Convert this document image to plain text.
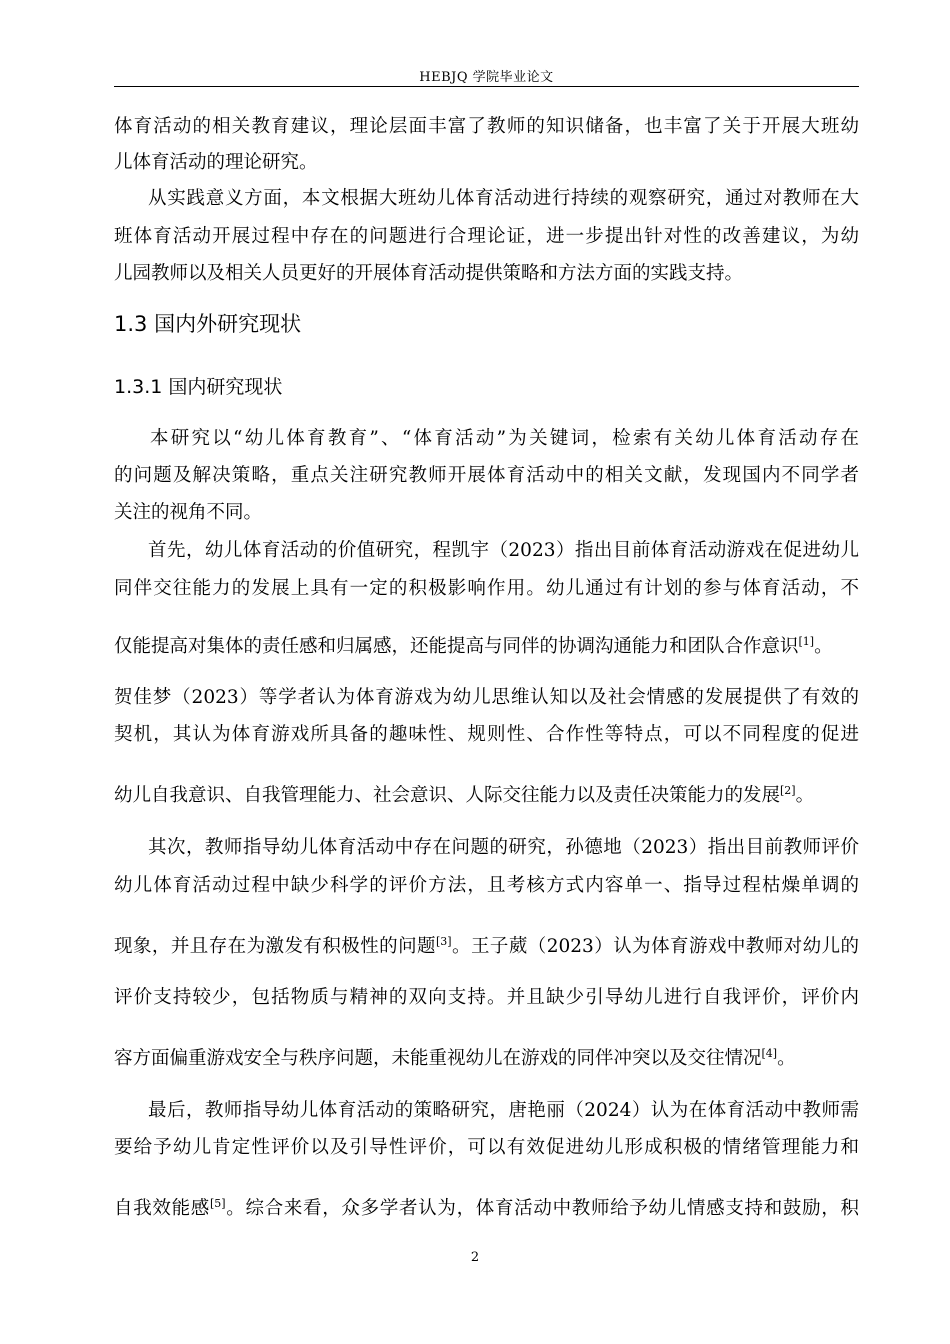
HEBJQ 学院毕业论文
体育活动的相关教育建议，理论层面丰富了教师的知识储备，也丰富了关于开展大班幼
儿体育活动的理论研究。
从实践意义方面，本文根据大班幼儿体育活动进行持续的观察研究，通过对教师在大
班体育活动开展过程中存在的问题进行合理论证，进一步提出针对性的改善建议，为幼
儿园教师以及相关人员更好的开展体育活动提供策略和方法方面的实践支持。
1.3 国内外研究现状
1.3.1 国内研究现状
本研究以“幼儿体育教育”、“体育活动”为关键词，检索有关幼儿体育活动存在
的问题及解决策略，重点关注研究教师开展体育活动中的相关文献，发现国内不同学者
关注的视角不同。
首先，幼儿体育活动的价值研究，程凯宇（2023）指出目前体育活动游戏在促进幼儿
同伴交往能力的发展上具有一定的积极影响作用。幼儿通过有计划的参与体育活动，不
仅能提高对集体的责任感和归属感，还能提高与同伴的协调沟通能力和团队合作意识[1]。
贺佳梦（2023）等学者认为体育游戏为幼儿思维认知以及社会情感的发展提供了有效的
契机，其认为体育游戏所具备的趣味性、规则性、合作性等特点，可以不同程度的促进
幼儿自我意识、自我管理能力、社会意识、人际交往能力以及责任决策能力的发展[2]。
其次，教师指导幼儿体育活动中存在问题的研究，孙德地（2023）指出目前教师评价
幼儿体育活动过程中缺少科学的评价方法，且考核方式内容单一、指导过程枯燥单调的
现象，并且存在为激发有积极性的问题[3]。王子葳（2023）认为体育游戏中教师对幼儿的
评价支持较少，包括物质与精神的双向支持。并且缺少引导幼儿进行自我评价，评价内
容方面偏重游戏安全与秩序问题，未能重视幼儿在游戏的同伴冲突以及交往情况[4]。
最后，教师指导幼儿体育活动的策略研究，唐艳丽（2024）认为在体育活动中教师需
要给予幼儿肯定性评价以及引导性评价，可以有效促进幼儿形成积极的情绪管理能力和
自我效能感[5]。综合来看，众多学者认为，体育活动中教师给予幼儿情感支持和鼓励，积
2
